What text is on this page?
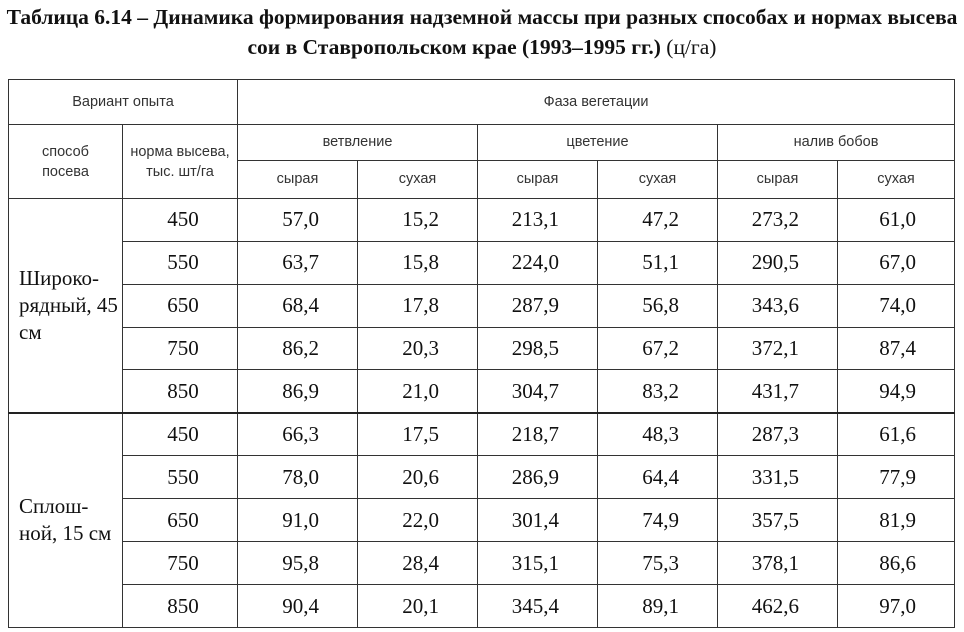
Таблица 6.14 – Динамика формирования надземной массы при разных способах и нормах высева сои в Ставропольском крае (1993–1995 гг.) (ц/га)
Вариант опыта		Фаза вегетации					
способ посева	норма высева, тыс. шт/га	ветвление		цветение		налив бобов	
		сырая	сухая	сырая	сухая	сырая	сухая
Широко-рядный, 45 см	450	57,0	15,2	213,1	47,2	273,2	61,0
	550	63,7	15,8	224,0	51,1	290,5	67,0
	650	68,4	17,8	287,9	56,8	343,6	74,0
	750	86,2	20,3	298,5	67,2	372,1	87,4
	850	86,9	21,0	304,7	83,2	431,7	94,9
Сплош-ной, 15 см	450	66,3	17,5	218,7	48,3	287,3	61,6
	550	78,0	20,6	286,9	64,4	331,5	77,9
	650	91,0	22,0	301,4	74,9	357,5	81,9
	750	95,8	28,4	315,1	75,3	378,1	86,6
	850	90,4	20,1	345,4	89,1	462,6	97,0
